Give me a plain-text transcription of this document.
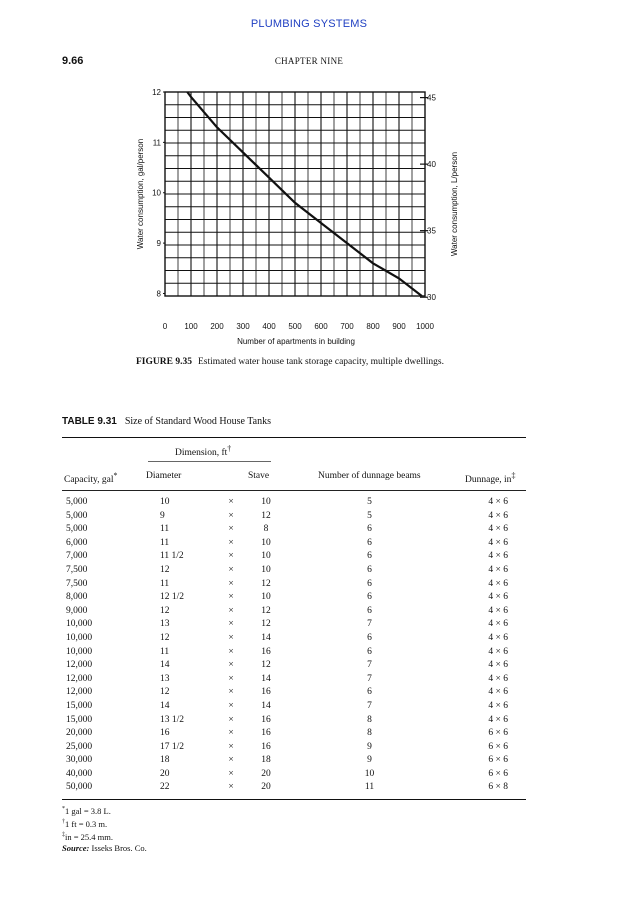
PLUMBING SYSTEMS
9.66	CHAPTER NINE
0 100 200 300 400 500 600 700 800 900 1000
12
11
10
9
8
45
40
35
30
Number of apartments in building
Water consumption, gal/person	Water consumption, L/person
FIGURE 9.35 Estimated water house tank storage capacity, multiple dwellings.
TABLE 9.31 Size of Standard Wood House Tanks
Dimension, ft†
Capacity, gal*	Diameter	Stave	Number of dunnage beams	Dunnage, in‡
5,000	10	×	10	5	4 × 6
5,000	9	×	12	5	4 × 6
5,000	11	×	8	6	4 × 6
6,000	11	×	10	6	4 × 6
7,000	11 1/2	×	10	6	4 × 6
7,500	12	×	10	6	4 × 6
7,500	11	×	12	6	4 × 6
8,000	12 1/2	×	10	6	4 × 6
9,000	12	×	12	6	4 × 6
10,000	13	×	12	7	4 × 6
10,000	12	×	14	6	4 × 6
10,000	11	×	16	6	4 × 6
12,000	14	×	12	7	4 × 6
12,000	13	×	14	7	4 × 6
12,000	12	×	16	6	4 × 6
15,000	14	×	14	7	4 × 6
15,000	13 1/2	×	16	8	4 × 6
20,000	16	×	16	8	6 × 6
25,000	17 1/2	×	16	9	6 × 6
30,000	18	×	18	9	6 × 6
40,000	20	×	20	10	6 × 6
50,000	22	×	20	11	6 × 8
*1 gal = 3.8 L.
†1 ft = 0.3 m.
‡in = 25.4 mm.
Source: Isseks Bros. Co.
